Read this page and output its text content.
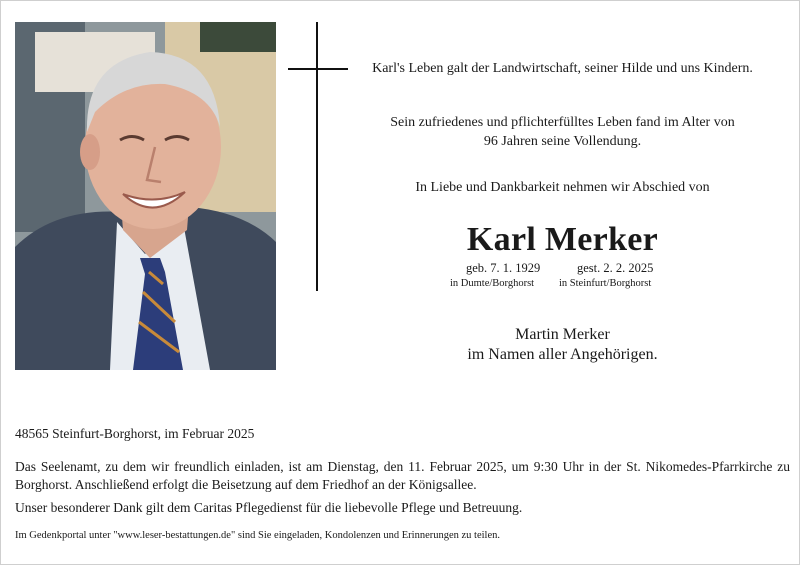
Karl's Leben galt der Landwirtschaft, seiner Hilde und uns Kindern.
Sein zufriedenes und pflichterfülltes Leben fand im Alter von
96 Jahren seine Vollendung.
In Liebe und Dankbarkeit nehmen wir Abschied von
Karl Merker
geb. 7. 1. 1929	gest. 2. 2. 2025
in Dumte/Borghorst in Steinfurt/Borghorst
Martin Merker
im Namen aller Angehörigen.
48565 Steinfurt-Borghorst, im Februar 2025
Das Seelenamt, zu dem wir freundlich einladen, ist am Dienstag, den 11. Februar 2025, um 9:30 Uhr in der St. Nikomedes-Pfarrkirche zu Borghorst. Anschließend erfolgt die Beisetzung auf dem Friedhof an der Königsallee.
Unser besonderer Dank gilt dem Caritas Pflegedienst für die liebevolle Pflege und Betreuung.
Im Gedenkportal unter "www.leser-bestattungen.de" sind Sie eingeladen, Kondolenzen und Erinnerungen zu teilen.
